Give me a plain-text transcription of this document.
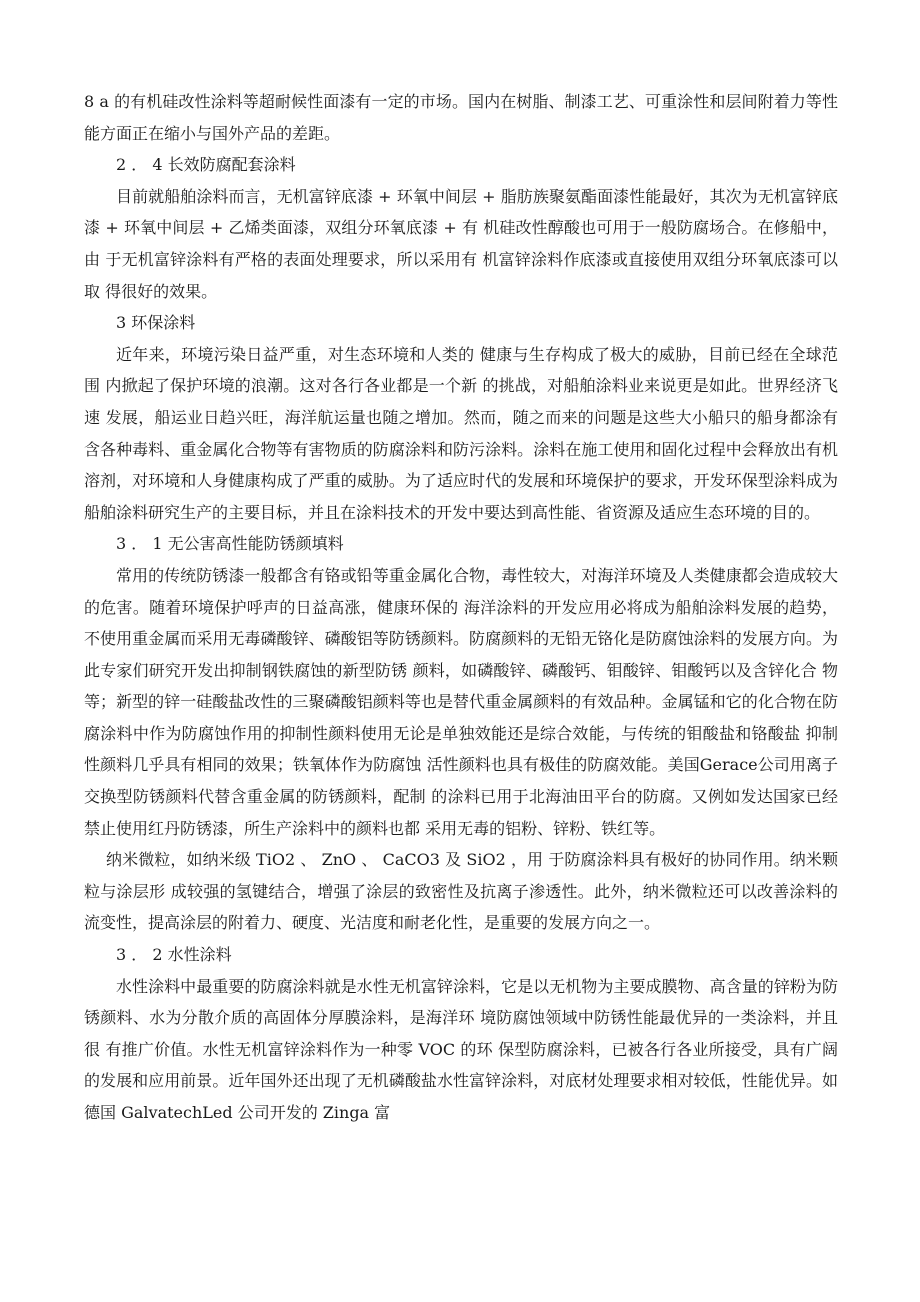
8 a 的有机硅改性涂料等超耐候性面漆有一定的市场。国内在树脂、制漆工艺、可重涂性和层间附着力等性能方面正在缩小与国外产品的差距。

2 ． 4 长效防腐配套涂料

目前就船舶涂料而言，无机富锌底漆 + 环氧中间层 + 脂肪族聚氨酯面漆性能最好，其次为无机富锌底漆 + 环氧中间层 + 乙烯类面漆，双组分环氧底漆 + 有 机硅改性醇酸也可用于一般防腐场合。在修船中，由 于无机富锌涂料有严格的表面处理要求，所以采用有 机富锌涂料作底漆或直接使用双组分环氧底漆可以取 得很好的效果。

3 环保涂料

近年来，环境污染日益严重，对生态环境和人类的 健康与生存构成了极大的威胁，目前已经在全球范围 内掀起了保护环境的浪潮。这对各行各业都是一个新 的挑战，对船舶涂料业来说更是如此。世界经济飞速 发展，船运业日趋兴旺，海洋航运量也随之增加。然而，随之而来的问题是这些大小船只的船身都涂有含各种毒料、重金属化合物等有害物质的防腐涂料和防污涂料。涂料在施工使用和固化过程中会释放出有机溶剂，对环境和人身健康构成了严重的威胁。为了适应时代的发展和环境保护的要求，开发环保型涂料成为船舶涂料研究生产的主要目标，并且在涂料技术的开发中要达到高性能、省资源及适应生态环境的目的。

3 ． 1 无公害高性能防锈颜填料

常用的传统防锈漆一般都含有铬或铅等重金属化合物，毒性较大，对海洋环境及人类健康都会造成较大的危害。随着环境保护呼声的日益高涨，健康环保的 海洋涂料的开发应用必将成为船舶涂料发展的趋势，不使用重金属而采用无毒磷酸锌、磷酸铝等防锈颜料。防腐颜料的无铅无铬化是防腐蚀涂料的发展方向。为此专家们研究开发出抑制钢铁腐蚀的新型防锈 颜料，如磷酸锌、磷酸钙、钼酸锌、钼酸钙以及含锌化合 物等；新型的锌一硅酸盐改性的三聚磷酸铝颜料等也是替代重金属颜料的有效品种。金属锰和它的化合物在防腐涂料中作为防腐蚀作用的抑制性颜料使用无论是单独效能还是综合效能，与传统的钼酸盐和铬酸盐 抑制性颜料几乎具有相同的效果；铁氧体作为防腐蚀 活性颜料也具有极佳的防腐效能。美国Gerace公司用离子交换型防锈颜料代替含重金属的防锈颜料，配制 的涂料已用于北海油田平台的防腐。又例如发达国家已经禁止使用红丹防锈漆，所生产涂料中的颜料也都 采用无毒的铝粉、锌粉、铁红等。

纳米微粒，如纳米级 TiO2 、 ZnO 、 CaCO3 及 SiO2 ，用 于防腐涂料具有极好的协同作用。纳米颗粒与涂层形 成较强的氢键结合，增强了涂层的致密性及抗离子渗透性。此外，纳米微粒还可以改善涂料的流变性，提高涂层的附着力、硬度、光洁度和耐老化性，是重要的发展方向之一。

3 ． 2 水性涂料

水性涂料中最重要的防腐涂料就是水性无机富锌涂料，它是以无机物为主要成膜物、高含量的锌粉为防 锈颜料、水为分散介质的高固体分厚膜涂料，是海洋环 境防腐蚀领域中防锈性能最优异的一类涂料，并且很 有推广价值。水性无机富锌涂料作为一种零 VOC 的环 保型防腐涂料，已被各行各业所接受，具有广阔的发展和应用前景。近年国外还出现了无机磷酸盐水性富锌涂料，对底材处理要求相对较低，性能优异。如德国 GalvatechLed 公司开发的 Zinga 富
